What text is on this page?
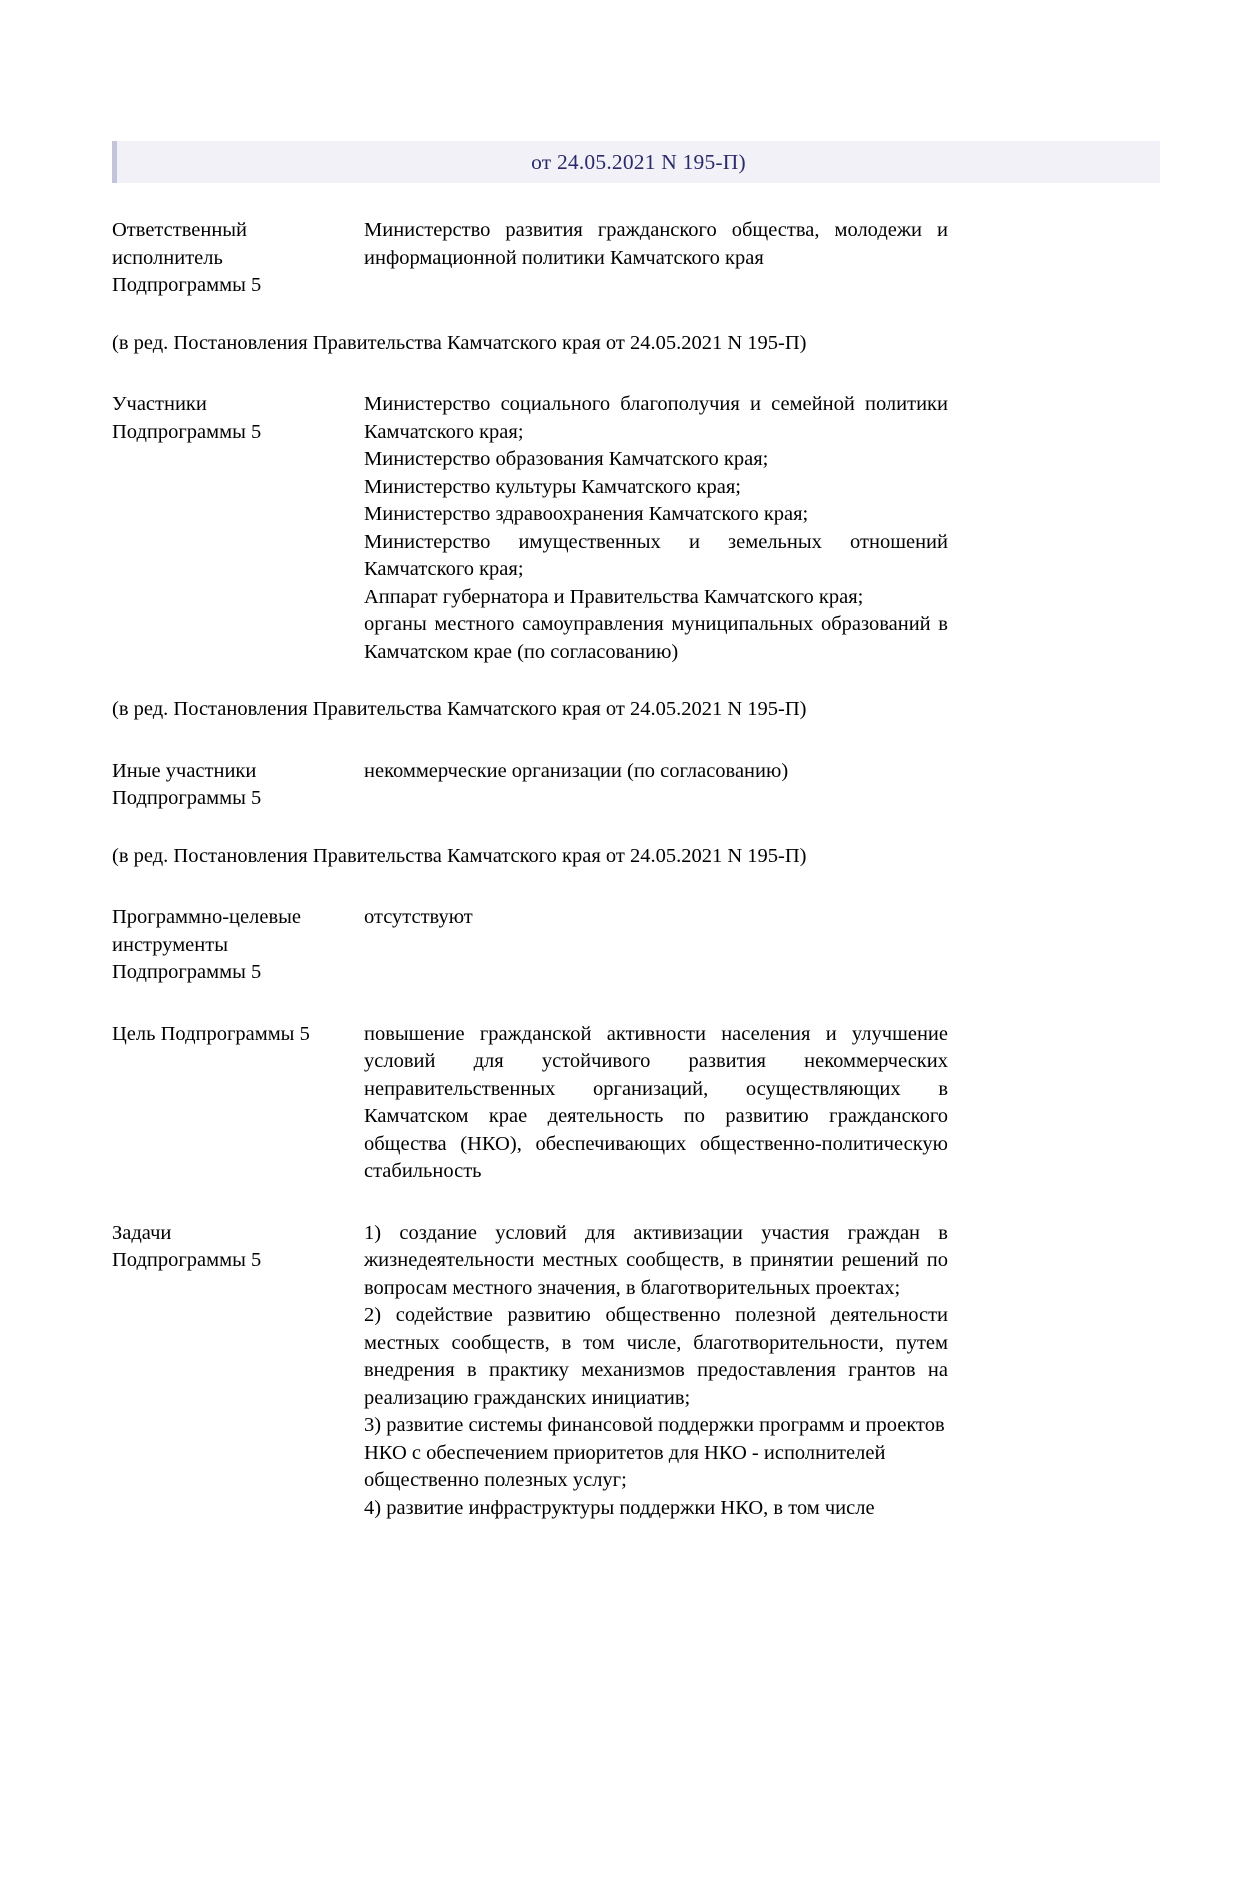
от 24.05.2021 N 195-П)
Ответственный
исполнитель
Подпрограммы 5

Министерство развития гражданского общества, молодежи и информационной политики Камчатского края

(в ред. Постановления Правительства Камчатского края от 24.05.2021 N 195-П)
Участники
Подпрограммы 5

Министерство социального благополучия и семейной политики Камчатского края;

Министерство образования Камчатского края;

Министерство культуры Камчатского края;

Министерство здравоохранения Камчатского края;

Министерство имущественных и земельных отношений Камчатского края;

Аппарат губернатора и Правительства Камчатского края;

органы местного самоуправления муниципальных образований в Камчатском крае (по согласованию)

(в ред. Постановления Правительства Камчатского края от 24.05.2021 N 195-П)
Иные участники
Подпрограммы 5

некоммерческие организации (по согласованию)

(в ред. Постановления Правительства Камчатского края от 24.05.2021 N 195-П)
Программно-целевые
инструменты
Подпрограммы 5

отсутствуют

Цель Подпрограммы 5	повышение гражданской активности населения и улучшение условий для устойчивого развития некоммерческих неправительственных организаций, осуществляющих в Камчатском крае деятельность по развитию гражданского общества (НКО), обеспечивающих общественно-политическую стабильность

Задачи
Подпрограммы 5

1) создание условий для активизации участия граждан в жизнедеятельности местных сообществ, в принятии решений по вопросам местного значения, в благотворительных проектах;

2) содействие развитию общественно полезной деятельности местных сообществ, в том числе, благотворительности, путем внедрения в практику механизмов предоставления грантов на реализацию гражданских инициатив;

3) развитие системы финансовой поддержки программ и проектов НКО с обеспечением приоритетов для НКО - исполнителей общественно полезных услуг;

4) развитие инфраструктуры поддержки НКО, в том числе
